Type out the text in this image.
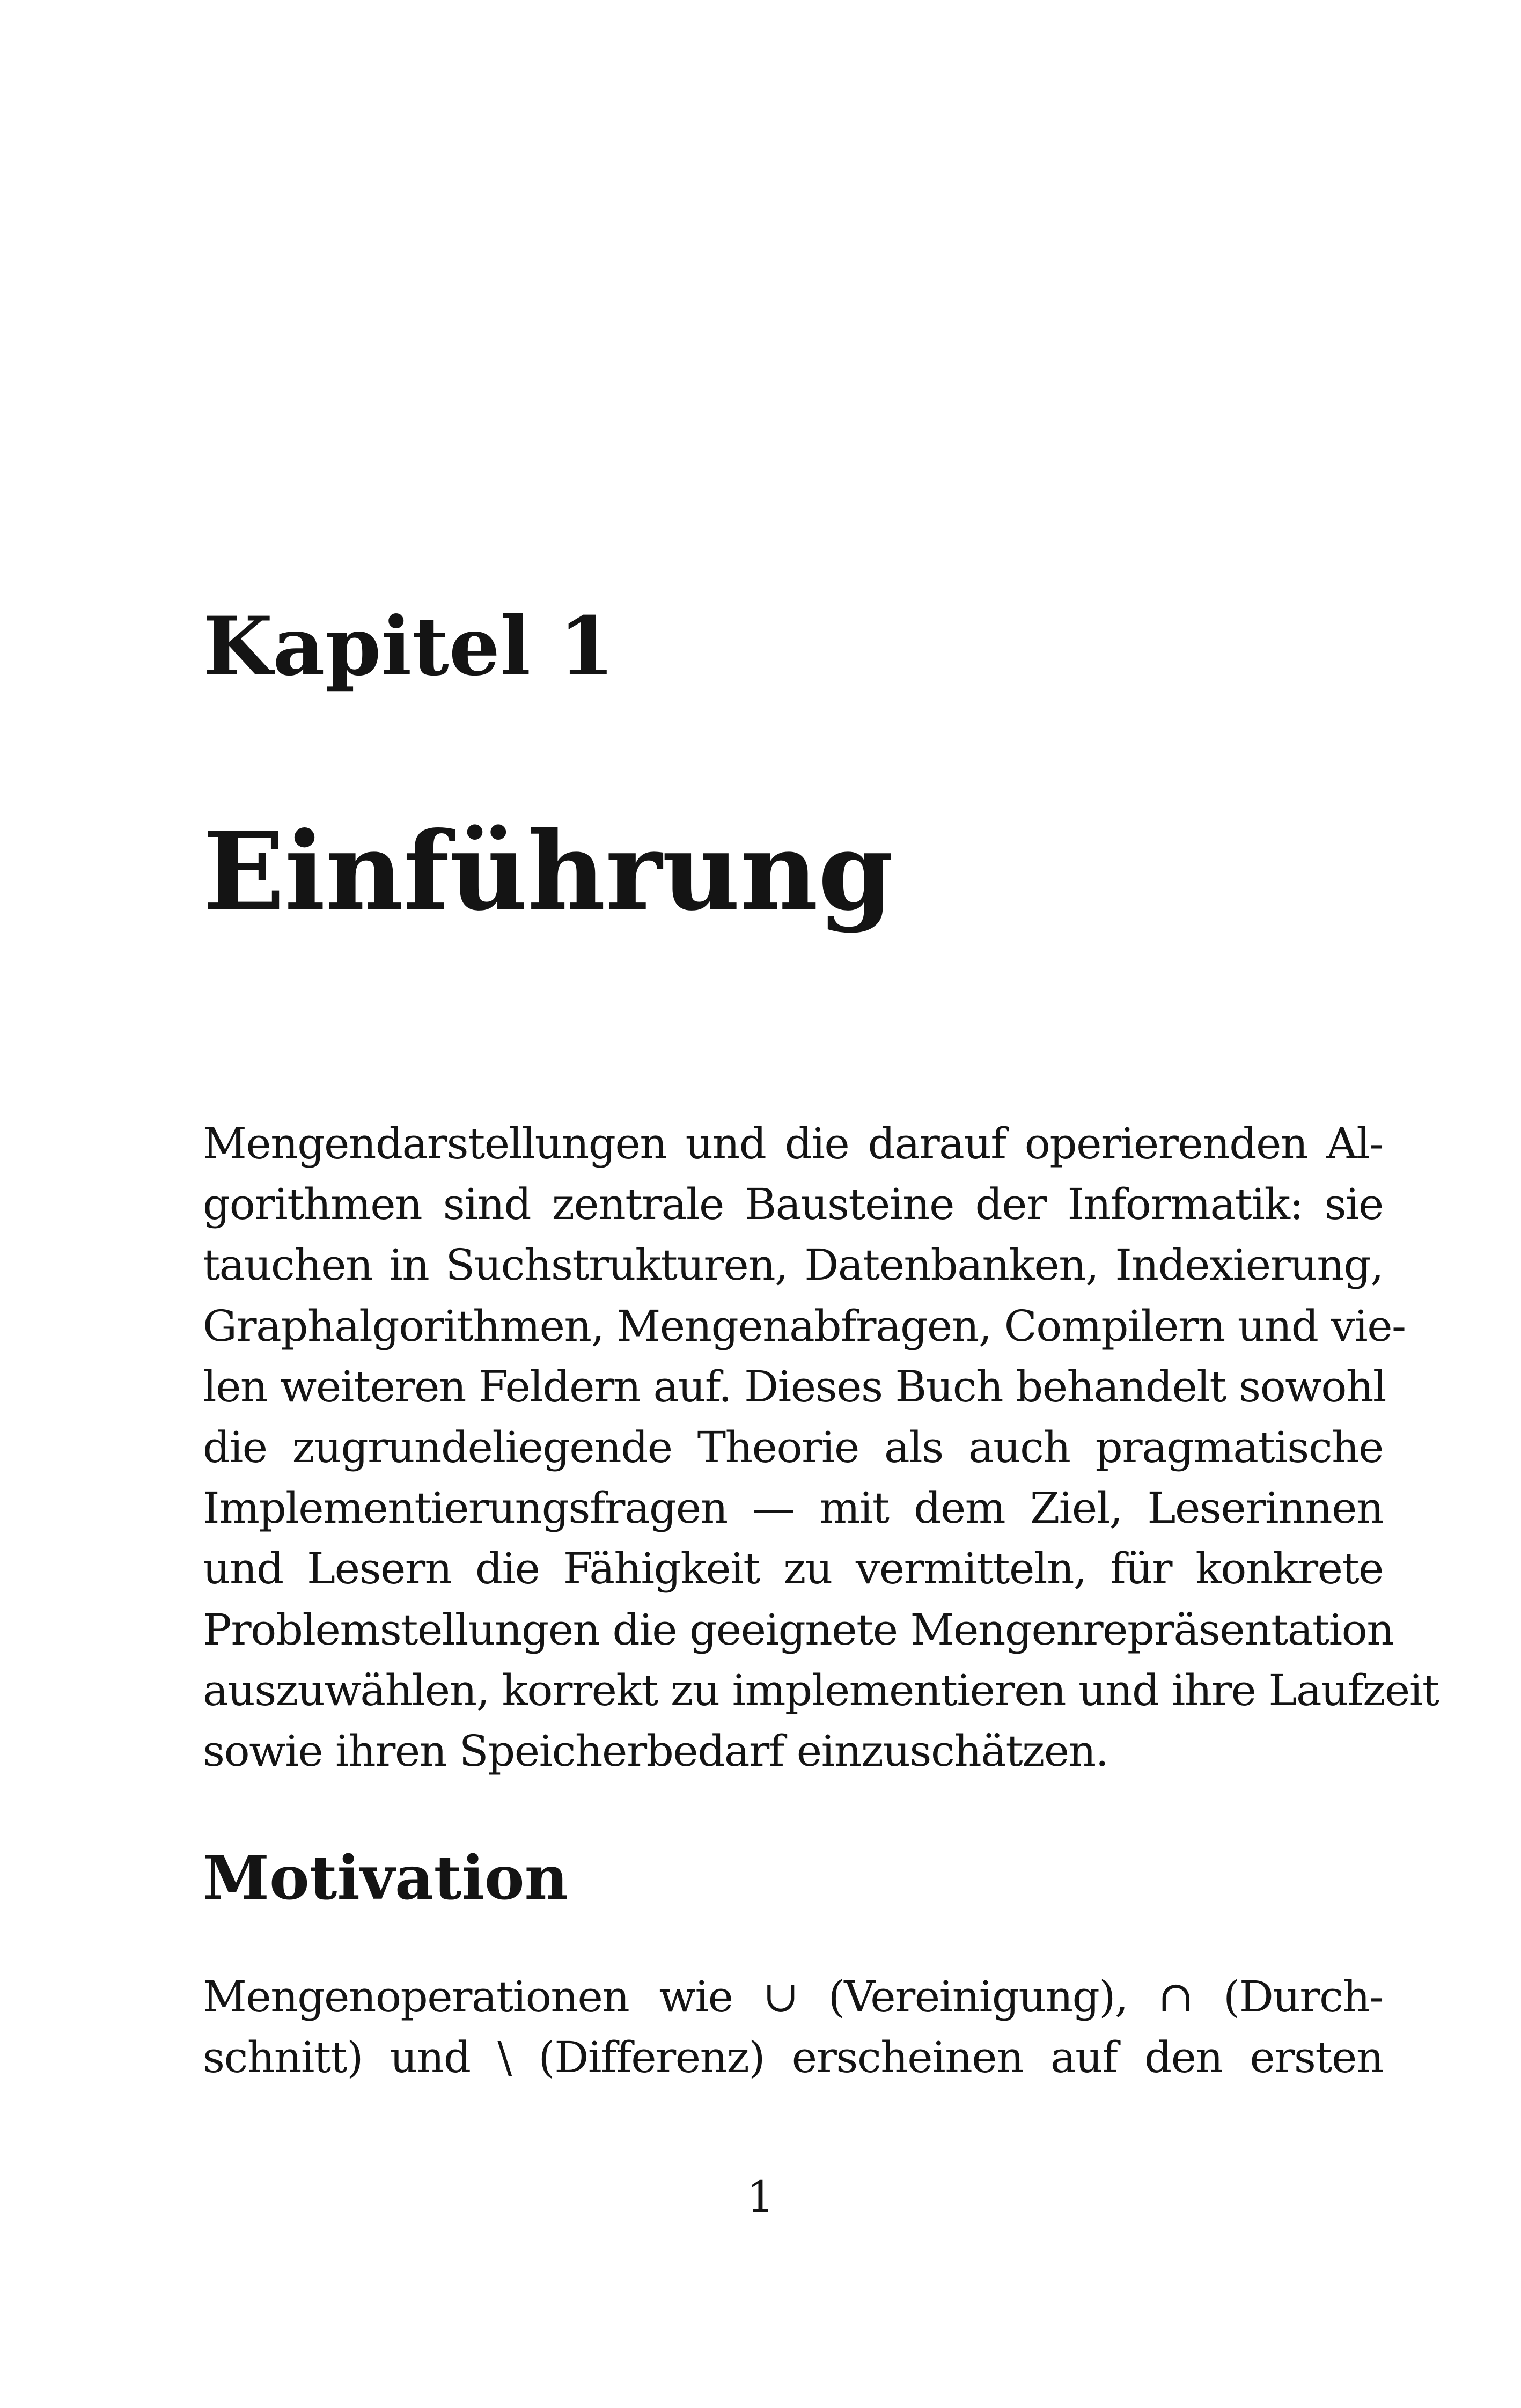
Kapitel 1
Einführung
Mengendarstellungen und die darauf operierenden Al-
gorithmen sind zentrale Bausteine der Informatik: sie
tauchen in Suchstrukturen, Datenbanken, Indexierung,
Graphalgorithmen, Mengenabfragen, Compilern und vie-
len weiteren Feldern auf. Dieses Buch behandelt sowohl
die zugrundeliegende Theorie als auch pragmatische
Implementierungsfragen — mit dem Ziel, Leserinnen
und Lesern die Fähigkeit zu vermitteln, für konkrete
Problemstellungen die geeignete Mengenrepräsentation
auszuwählen, korrekt zu implementieren und ihre Laufzeit
sowie ihren Speicherbedarf einzuschätzen.
Motivation
Mengenoperationen wie ∪ (Vereinigung), ∩ (Durch-
schnitt) und \ (Differenz) erscheinen auf den ersten
1
